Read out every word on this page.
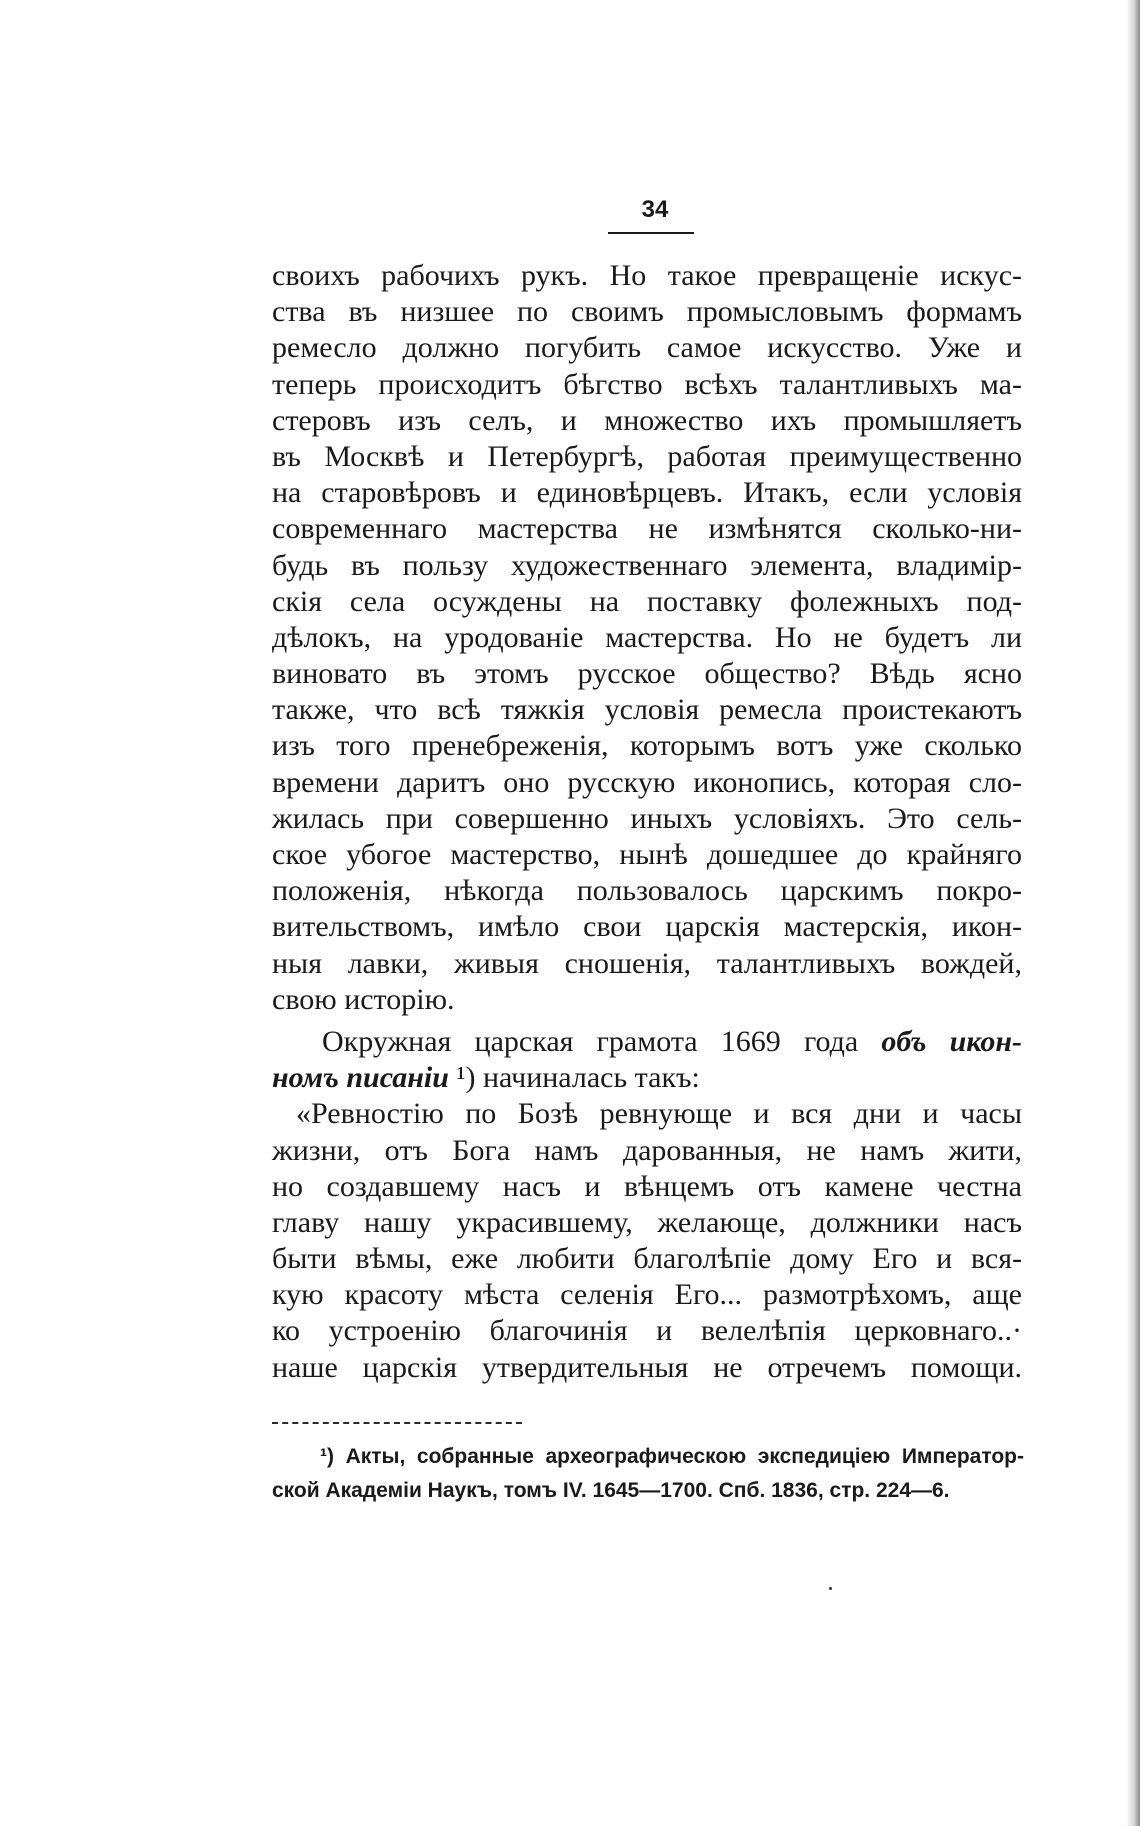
34
своихъ рабочихъ рукъ. Но такое превращеніе искус-
ства въ низшее по своимъ промысловымъ формамъ
ремесло должно погубить самое искусство. Уже и
теперь происходитъ бѣгство всѣхъ талантливыхъ ма-
стеровъ изъ селъ, и множество ихъ промышляетъ
въ Москвѣ и Петербургѣ, работая преимущественно
на старовѣровъ и единовѣрцевъ. Итакъ, если условія
современнаго мастерства не измѣнятся сколько-ни-
будь въ пользу художественнаго элемента, владимір-
скія села осуждены на поставку фолежныхъ под-
дѣлокъ, на уродованіе мастерства. Но не будетъ ли
виновато въ этомъ русское общество? Вѣдь ясно
также, что всѣ тяжкія условія ремесла проистекаютъ
изъ того пренебреженія, которымъ вотъ уже сколько
времени даритъ оно русскую иконопись, которая сло-
жилась при совершенно иныхъ условіяхъ. Это сель-
ское убогое мастерство, нынѣ дошедшее до крайняго
положенія, нѣкогда пользовалось царскимъ покро-
вительствомъ, имѣло свои царскія мастерскія, икон-
ныя лавки, живыя сношенія, талантливыхъ вождей,
свою исторію.
Окружная царская грамота 1669 года объ икон-
номъ писаніи ¹) начиналась такъ:
«Ревностію по Бозѣ ревнующе и вся дни и часы
жизни, отъ Бога намъ дарованныя, не намъ жити,
но создавшему насъ и вѣнцемъ отъ камене честна
главу нашу украсившему, желающе, должники насъ
быти вѣмы, еже любити благолѣпіе дому Его и вся-
кую красоту мѣста селенія Его... размотрѣхомъ, аще
ко устроенію благочинія и велелѣпія церковнаго..·
наше царскія утвердительныя не отречемъ помощи.
¹) Акты, собранные археографическою экспедиціею Император-
ской Академіи Наукъ, томъ IV. 1645—1700. Спб. 1836, стр. 224—6.
